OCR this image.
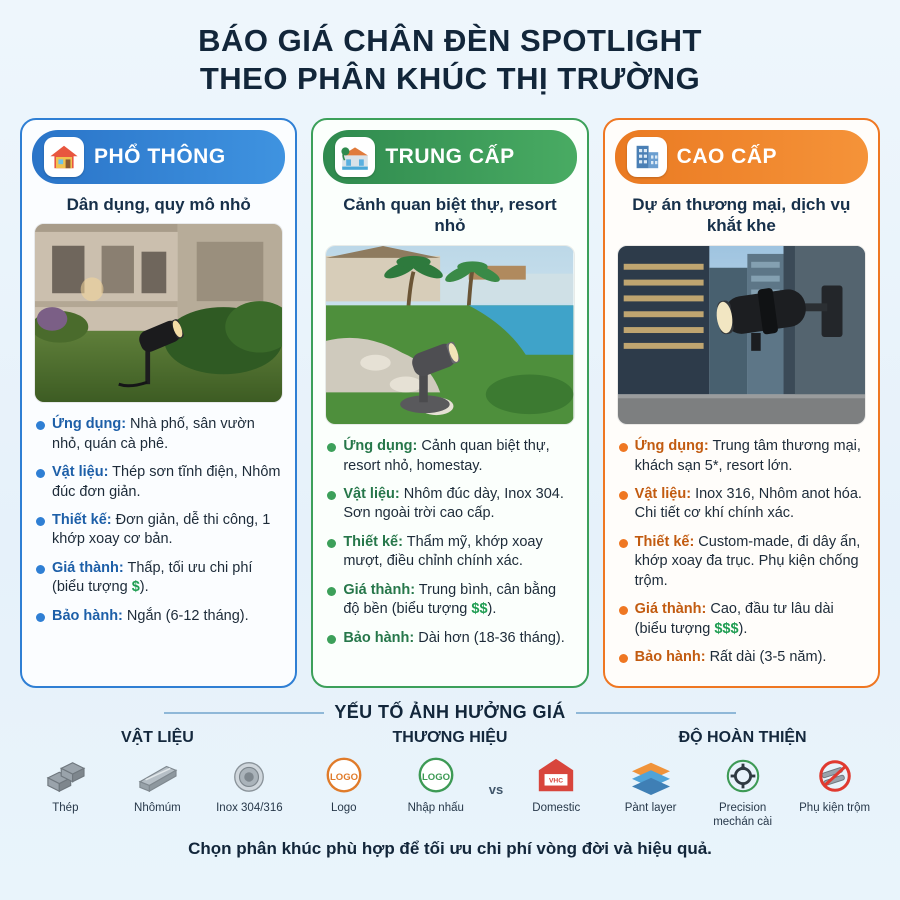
BÁO GIÁ CHÂN ĐÈN SPOTLIGHT
THEO PHÂN KHÚC THỊ TRƯỜNG
PHỔ THÔNG
Dân dụng, quy mô nhỏ
Ứng dụng: Nhà phố, sân vườn nhỏ, quán cà phê.
Vật liệu: Thép sơn tĩnh điện, Nhôm đúc đơn giản.
Thiết kế: Đơn giản, dễ thi công, 1 khớp xoay cơ bản.
Giá thành: Thấp, tối ưu chi phí (biểu tượng $).
Bảo hành: Ngắn (6-12 tháng).
TRUNG CẤP
Cảnh quan biệt thự, resort nhỏ
Ứng dụng: Cảnh quan biệt thự, resort nhỏ, homestay.
Vật liệu: Nhôm đúc dày, Inox 304. Sơn ngoài trời cao cấp.
Thiết kế: Thẩm mỹ, khớp xoay mượt, điều chỉnh chính xác.
Giá thành: Trung bình, cân bằng độ bền (biểu tượng $$).
Bảo hành: Dài hơn (18-36 tháng).
CAO CẤP
Dự án thương mại, dịch vụ khắt khe
Ứng dụng: Trung tâm thương mại, khách sạn 5*, resort lớn.
Vật liệu: Inox 316, Nhôm anot hóa. Chi tiết cơ khí chính xác.
Thiết kế: Custom-made, đi dây ẩn, khớp xoay đa trục. Phụ kiện chống trộm.
Giá thành: Cao, đầu tư lâu dài (biểu tượng $$$).
Bảo hành: Rất dài (3-5 năm).
YẾU TỐ ẢNH HƯỞNG GIÁ
VẬT LIỆU
Thép	Nhômúm	Inox 304/316
THƯƠNG HIỆU
LOGO
Logo
LOGO
Nhập nhấu
vs
VHC
Domestic
ĐỘ HOÀN THIỆN
Pànt layer	Precision mechán cài
Phụ kiện trộm
Chọn phân khúc phù hợp để tối ưu chi phí vòng đời và hiệu quả.
